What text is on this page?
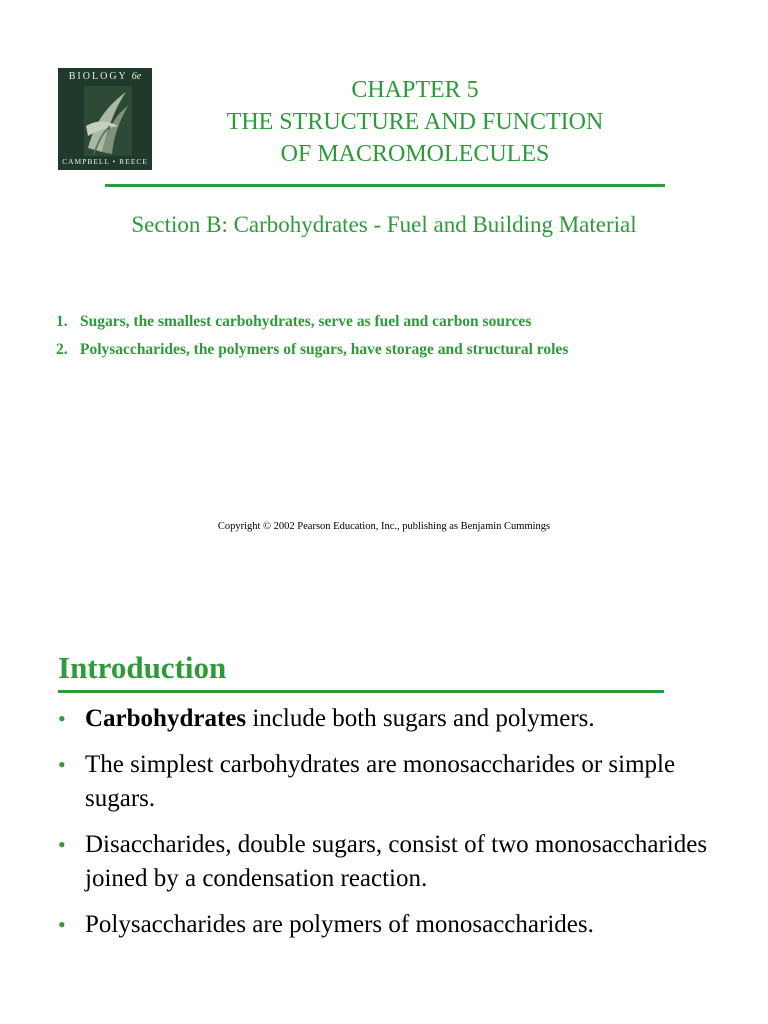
BIOLOGY 6e
CAMPBELL • REECE
CHAPTER 5
THE STRUCTURE AND FUNCTION
OF MACROMOLECULES
Section B: Carbohydrates - Fuel and Building Material
1. Sugars, the smallest carbohydrates, serve as fuel and carbon sources
2. Polysaccharides, the polymers of sugars, have storage and structural roles
Copyright © 2002 Pearson Education, Inc., publishing as Benjamin Cummings
Introduction
• Carbohydrates include both sugars and polymers.
• The simplest carbohydrates are monosaccharides or simple sugars.
• Disaccharides, double sugars, consist of two monosaccharides joined by a condensation reaction.
• Polysaccharides are polymers of monosaccharides.
